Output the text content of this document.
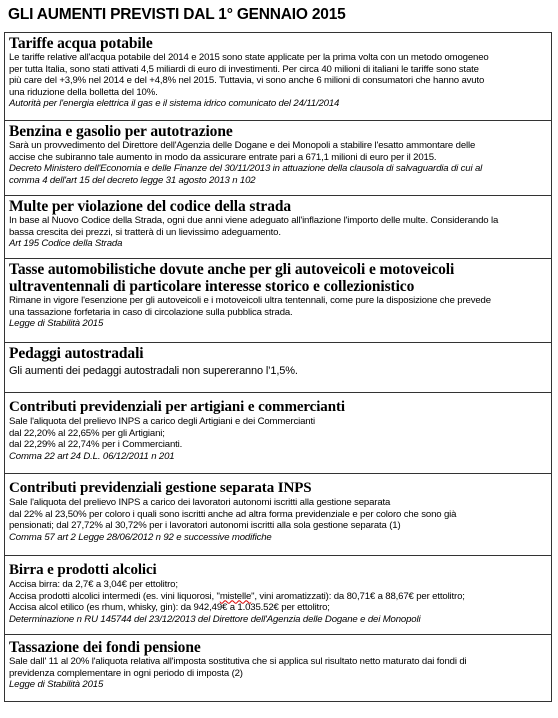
GLI AUMENTI PREVISTI DAL 1° GENNAIO 2015
Tariffe acqua potabile
Le tariffe relative all'acqua potabile del 2014 e 2015 sono state applicate per la prima volta con un metodo omogeneo
per tutta Italia, sono stati attivati 4,5 miliardi di euro di investimenti. Per circa 40 milioni di italiani le tariffe sono state
più care del +3,9% nel 2014 e del +4,8% nel 2015. Tuttavia, vi sono anche 6 milioni di consumatori che hanno avuto
una riduzione della bolletta del 10%.
Autorità per l'energia elettrica il gas e il sistema idrico comunicato del 24/11/2014
Benzina e gasolio per autotrazione
Sarà un provvedimento del Direttore dell'Agenzia delle Dogane e dei Monopoli a stabilire l'esatto ammontare delle
accise che subiranno tale aumento in modo da assicurare entrate pari a 671,1 milioni di euro per il 2015.
Decreto Ministero dell'Economia e delle Finanze del 30/11/2013 in attuazione della clausola di salvaguardia di cui al
comma 4 dell'art 15 del decreto legge 31 agosto 2013 n 102
Multe per violazione del codice della strada
In base al Nuovo Codice della Strada, ogni due anni viene adeguato all'inflazione l'importo delle multe. Considerando la
bassa crescita dei prezzi, si tratterà di un lievissimo adeguamento.
Art 195 Codice della Strada
Tasse automobilistiche dovute anche per gli autoveicoli e motoveicoli
ultraventennali di particolare interesse storico e collezionistico
Rimane in vigore l'esenzione per gli autoveicoli e i motoveicoli ultra tentennali, come pure la disposizione che prevede
una tassazione forfetaria in caso di circolazione sulla pubblica strada.
Legge di Stabilità 2015
Pedaggi autostradali
Gli aumenti dei pedaggi autostradali non supereranno l’1,5%.
Contributi previdenziali per artigiani e commercianti
Sale l'aliquota del prelievo INPS a carico degli Artigiani e dei Commercianti
dal 22,20% al 22,65% per gli Artigiani;
dal 22,29% al 22,74% per i Commercianti.
Comma 22 art 24 D.L. 06/12/2011 n 201
Contributi previdenziali gestione separata INPS
Sale l'aliquota del prelievo INPS a carico dei lavoratori autonomi iscritti alla gestione separata
dal 22% al 23,50% per coloro i quali sono iscritti anche ad altra forma previdenziale e per coloro che sono già
pensionati; dal 27,72% al 30,72% per i lavoratori autonomi iscritti alla sola gestione separata (1)
Comma 57 art 2 Legge 28/06/2012 n 92 e successive modifiche
Birra e prodotti alcolici
Accisa birra: da 2,7€ a 3,04€ per ettolitro;
Accisa prodotti alcolici intermedi (es. vini liquorosi, "mistelle", vini aromatizzati): da 80,71€ a 88,67€ per ettolitro;
Accisa alcol etilico (es rhum, whisky, gin): da 942,49€ a 1.035.52€ per ettolitro;
Determinazione n RU 145744 del 23/12/2013 del Direttore dell'Agenzia delle Dogane e dei Monopoli
Tassazione dei fondi pensione
Sale dall' 11 al 20% l'aliquota relativa all'imposta sostitutiva che si applica sul risultato netto maturato dai fondi di
previdenza complementare in ogni periodo di imposta (2)
Legge di Stabilità 2015
